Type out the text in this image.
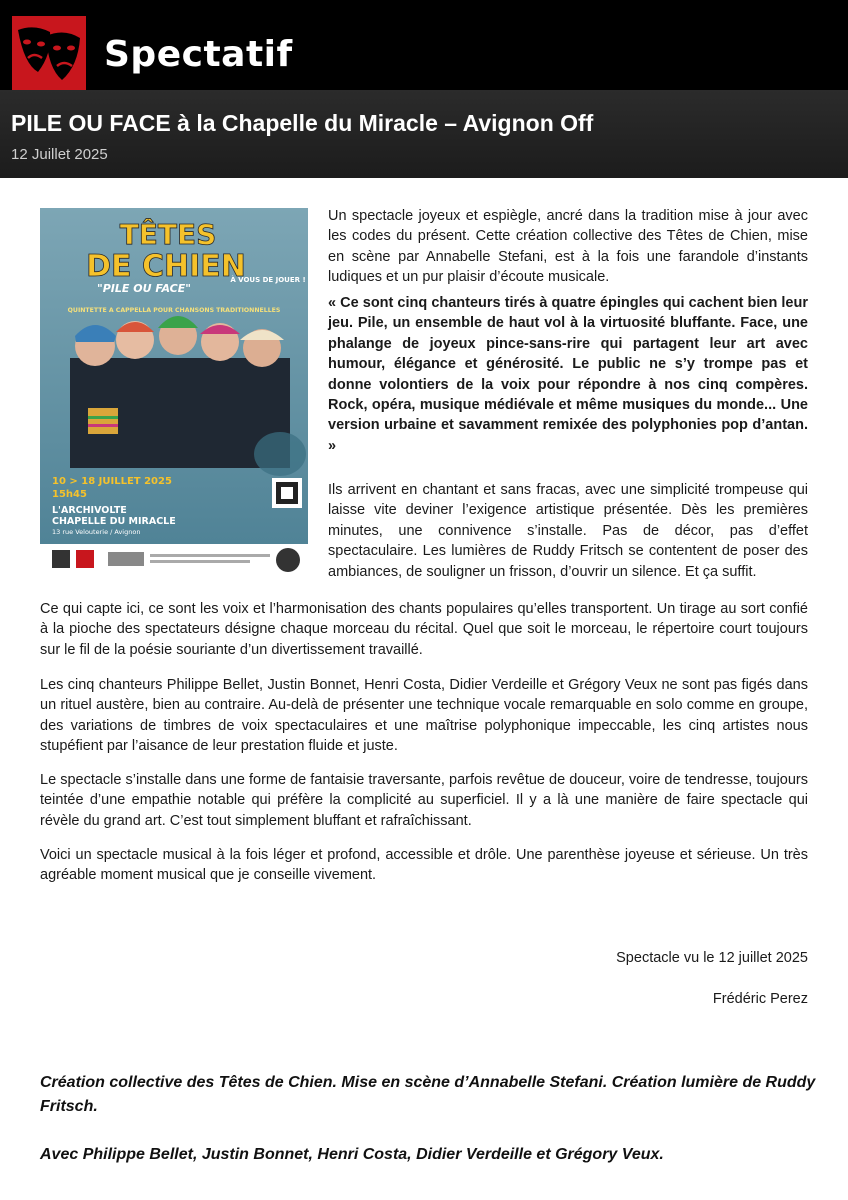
Spectatif
PILE OU FACE à la Chapelle du Miracle – Avignon Off
12 Juillet 2025
TÊTES
DE CHIEN
"PILE OU FACE"
À VOUS DE JOUER !
QUINTETTE A CAPPELLA POUR CHANSONS TRADITIONNELLES
10 > 18 JUILLET 2025
15h45
L'ARCHIVOLTE
CHAPELLE DU MIRACLE
13 rue Velouterie / Avignon

Un spectacle joyeux et espiègle, ancré dans la tradition mise à jour avec les codes du présent. Cette création collective des Têtes de Chien, mise en scène par Annabelle Stefani, est à la fois une farandole d’instants ludiques et un pur plaisir d’écoute musicale.

« Ce sont cinq chanteurs tirés à quatre épingles qui cachent bien leur jeu. Pile, un ensemble de haut vol à la virtuosité bluffante. Face, une phalange de joyeux pince-sans-rire qui partagent leur art avec humour, élégance et générosité. Le public ne s’y trompe pas et donne volontiers de la voix pour répondre à nos cinq compères. Rock, opéra, musique médiévale et même musiques du monde... Une version urbaine et savamment remixée des polyphonies pop d’antan. »

Ils arrivent en chantant et sans fracas, avec une simplicité trompeuse qui laisse vite deviner l’exigence artistique présentée. Dès les premières minutes, une connivence s’installe. Pas de décor, pas d’effet spectaculaire. Les lumières de Ruddy Fritsch se contentent de poser des ambiances, de souligner un frisson, d’ouvrir un silence. Et ça suffit.

Ce qui capte ici, ce sont les voix et l’harmonisation des chants populaires qu’elles transportent. Un tirage au sort confié à la pioche des spectateurs désigne chaque morceau du récital. Quel que soit le morceau, le répertoire court toujours sur le fil de la poésie souriante d’un divertissement travaillé.

Les cinq chanteurs Philippe Bellet, Justin Bonnet, Henri Costa, Didier Verdeille et Grégory Veux ne sont pas figés dans un rituel austère, bien au contraire. Au-delà de présenter une technique vocale remarquable en solo comme en groupe, des variations de timbres de voix spectaculaires et une maîtrise polyphonique impeccable, les cinq artistes nous stupéfient par l’aisance de leur prestation fluide et juste.

Le spectacle s’installe dans une forme de fantaisie traversante, parfois revêtue de douceur, voire de tendresse, toujours teintée d’une empathie notable qui préfère la complicité au superficiel. Il y a là une manière de faire spectacle qui révèle du grand art. C’est tout simplement bluffant et rafraîchissant.

Voici un spectacle musical à la fois léger et profond, accessible et drôle. Une parenthèse joyeuse et sérieuse. Un très agréable moment musical que je conseille vivement.

Spectacle vu le 12 juillet 2025

Frédéric Perez

Création collective des Têtes de Chien. Mise en scène d’Annabelle Stefani. Création lumière de Ruddy Fritsch.

Avec Philippe Bellet, Justin Bonnet, Henri Costa, Didier Verdeille et Grégory Veux.
